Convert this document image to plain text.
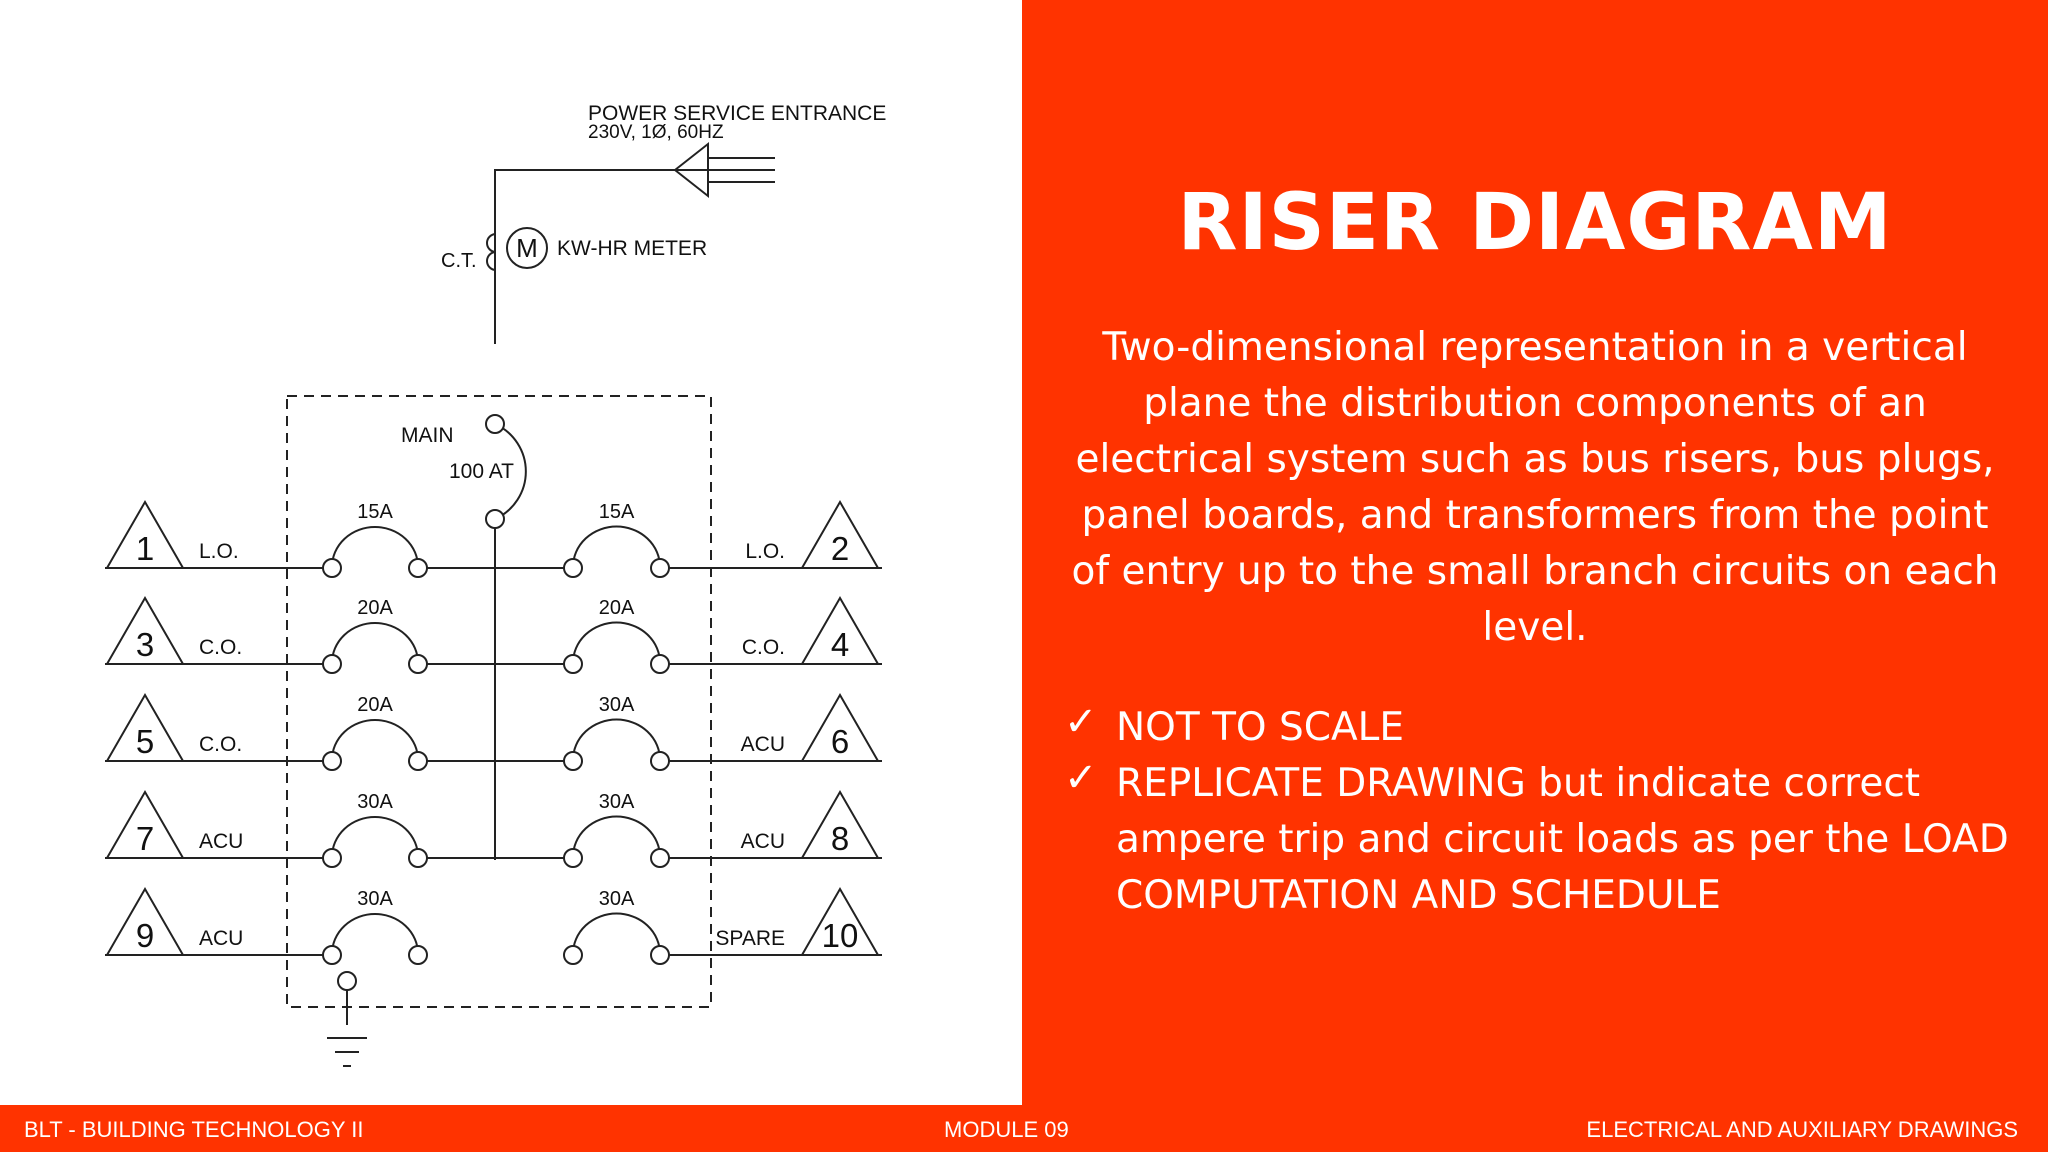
15A
1 L.O.
15A
2
L.O.
20A
3 C.O.
20A
4
C.O.
20A
5 C.O.
30A
6
ACU
30A
7 ACU
30A
8
ACU
30A
9 ACU
30A
10
SPARE
POWER SERVICE ENTRANCE
230V, 1Ø, 60HZ
C.T. M KW-HR METER
MAIN
100 AT
RISER DIAGRAM

Two-dimensional representation in a vertical plane the distribution components of an electrical system such as bus risers, bus plugs, panel boards, and transformers from the point of entry up to the small branch circuits on each level.

✓ NOT TO SCALE
✓ REPLICATE DRAWING but indicate correct ampere trip and circuit loads as per the LOAD COMPUTATION AND SCHEDULE
BLT - BUILDING TECHNOLOGY II	MODULE 09	ELECTRICAL AND AUXILIARY DRAWINGS
